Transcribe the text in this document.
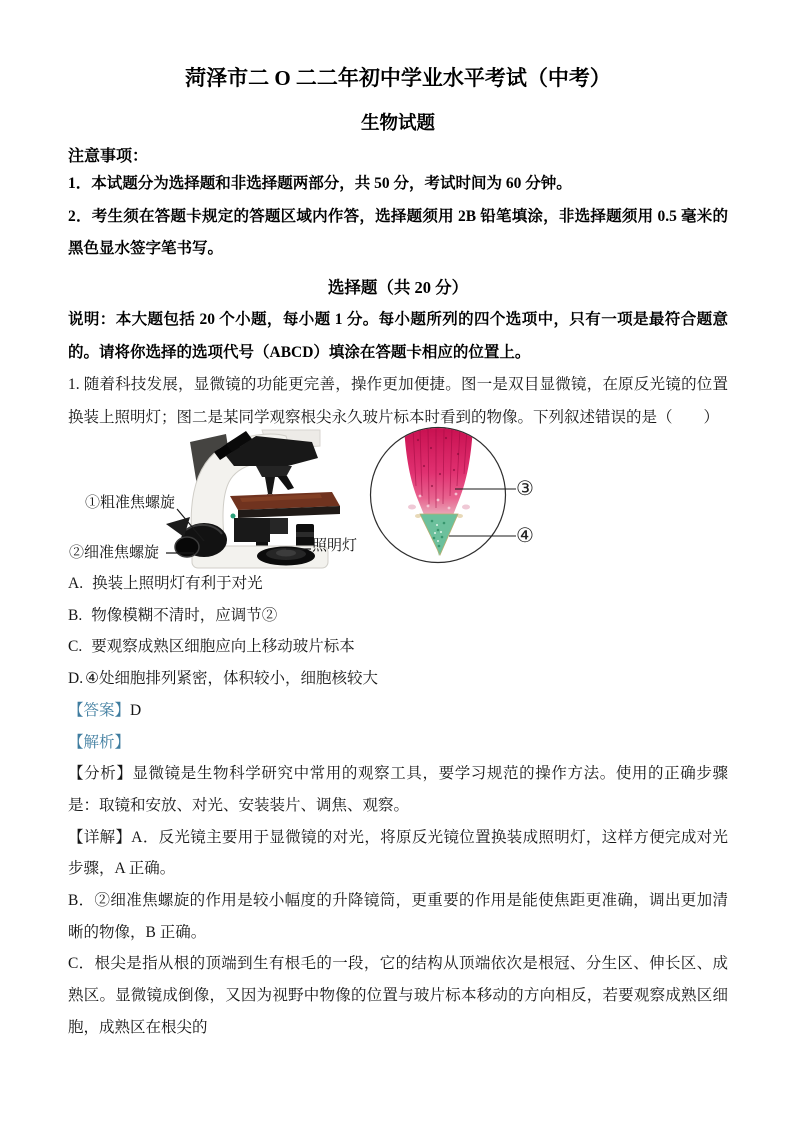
菏泽市二 O 二二年初中学业水平考试（中考）
生物试题

注意事项：

1．本试题分为选择题和非选择题两部分，共 50 分，考试时间为 60 分钟。

2．考生须在答题卡规定的答题区域内作答，选择题须用 2B 铅笔填涂，非选择题须用 0.5 毫米的黑色显水签字笔书写。

选择题（共 20 分）

说明：本大题包括 20 个小题，每小题 1 分。每小题所列的四个选项中，只有一项是最符合题意的。请将你选择的选项代号（ABCD）填涂在答题卡相应的位置上。

1. 随着科技发展，显微镜的功能更完善，操作更加便捷。图一是双目显微镜，在原反光镜的位置换装上照明灯；图二是某同学观察根尖永久玻片标本时看到的物像。下列叙述错误的是（　　）

①粗准焦螺旋
②细准焦螺旋	照明灯
③
④

A. 换装上照明灯有利于对光

B. 物像模糊不清时，应调节②

C. 要观察成熟区细胞应向上移动玻片标本

D. ④处细胞排列紧密，体积较小，细胞核较大

【答案】D

【解析】

【分析】显微镜是生物科学研究中常用的观察工具，要学习规范的操作方法。使用的正确步骤是：取镜和安放、对光、安装装片、调焦、观察。

【详解】A．反光镜主要用于显微镜的对光，将原反光镜位置换装成照明灯，这样方便完成对光步骤，A 正确。

B．②细准焦螺旋的作用是较小幅度的升降镜筒，更重要的作用是能使焦距更准确，调出更加清晰的物像，B 正确。

C．根尖是指从根的顶端到生有根毛的一段，它的结构从顶端依次是根冠、分生区、伸长区、成熟区。显微镜成倒像，又因为视野中物像的位置与玻片标本移动的方向相反，若要观察成熟区细胞，成熟区在根尖的
